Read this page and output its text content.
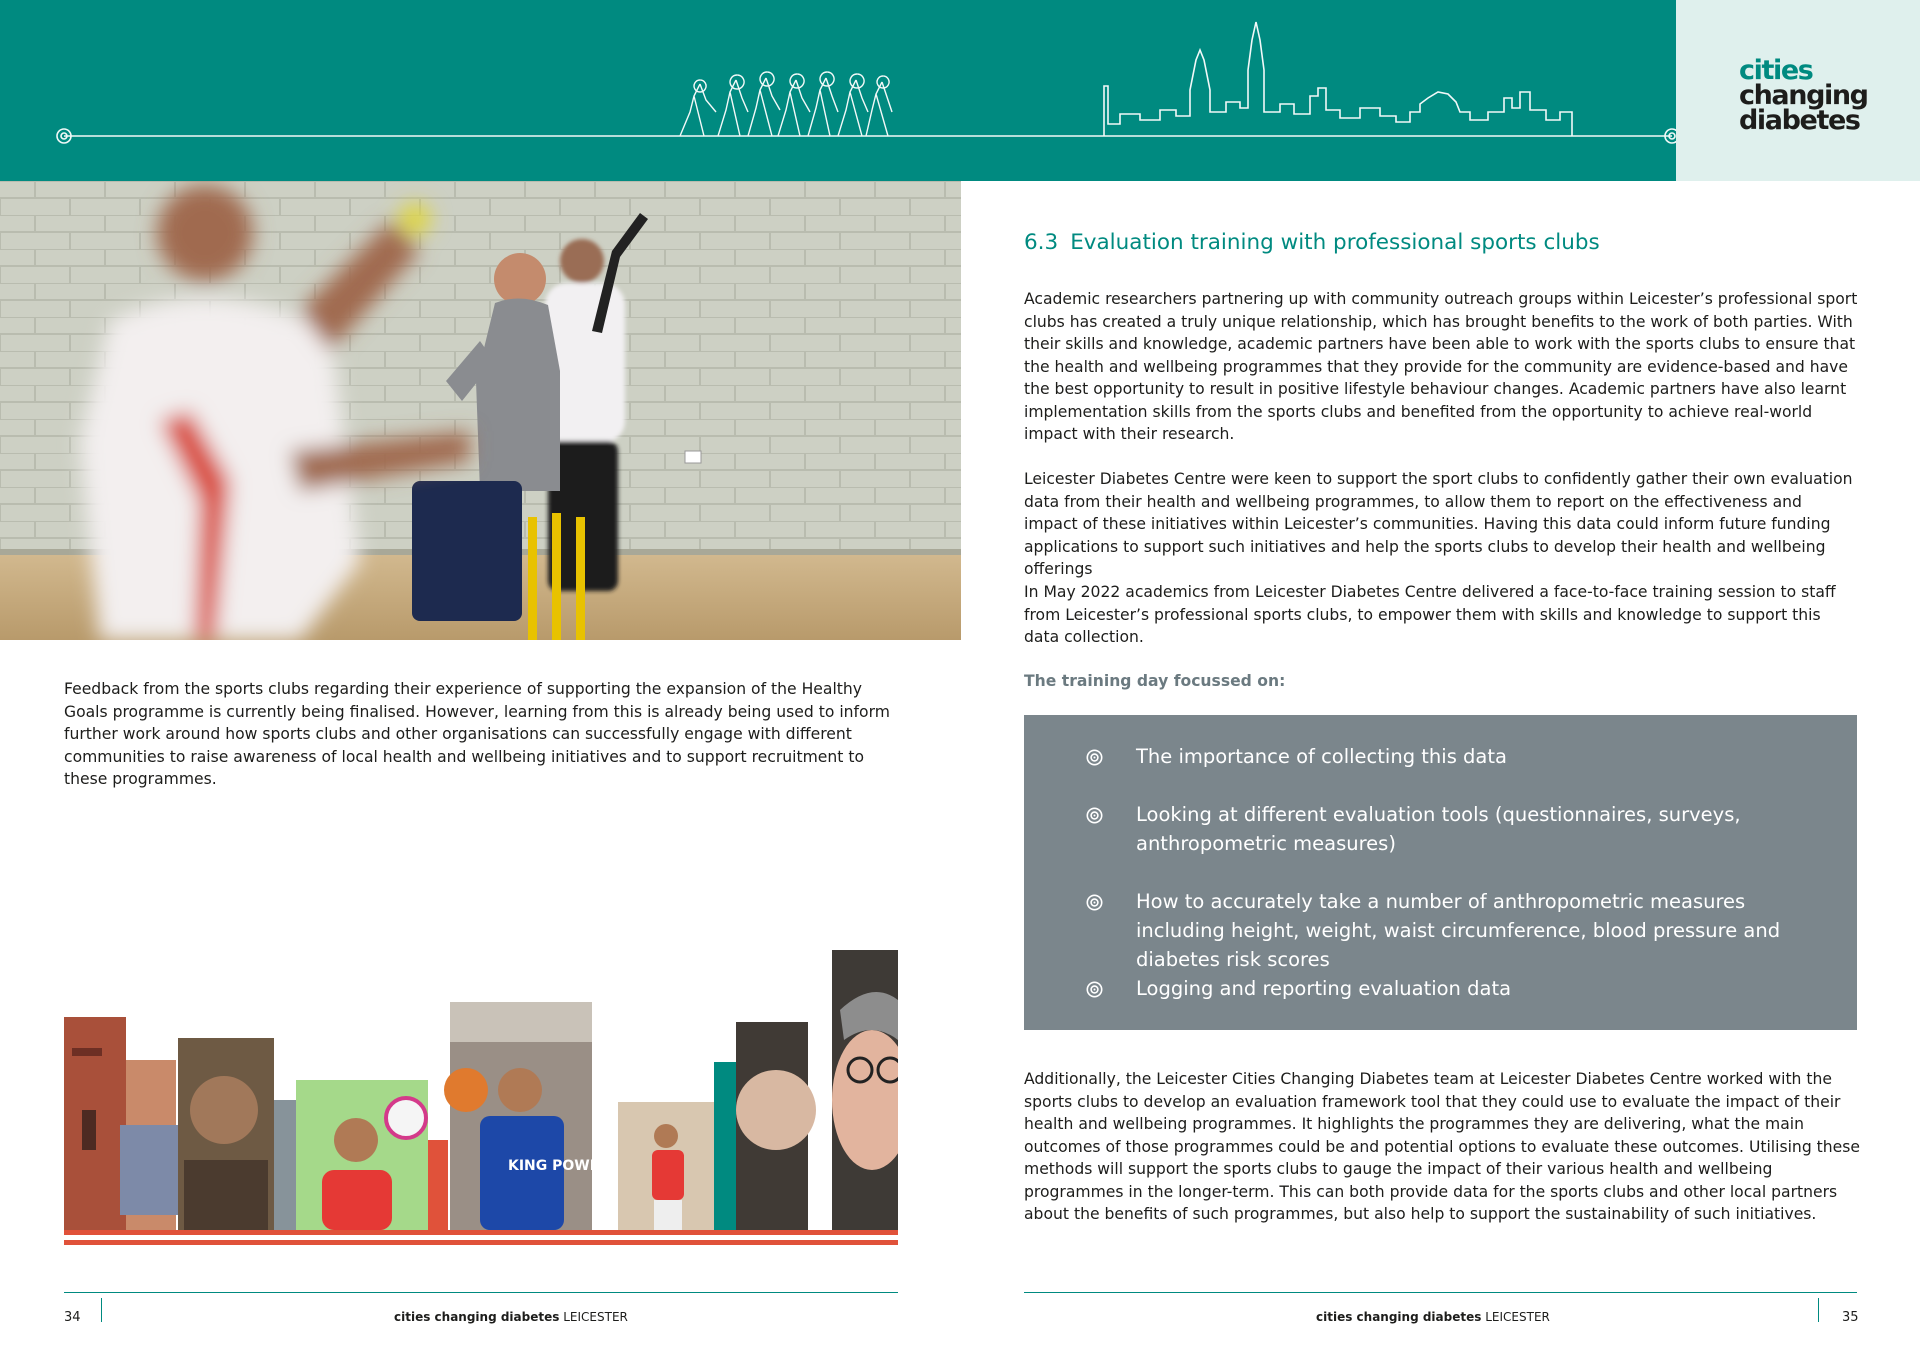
cities
changing
diabetes

Feedback from the sports clubs regarding their experience of supporting the expansion of the Healthy Goals programme is currently being finalised. However, learning from this is already being used to inform further work around how sports clubs and other organisations can successfully engage with different communities to raise awareness of local health and wellbeing initiatives and to support recruitment to these programmes.

KING POWER
6.3 Evaluation training with professional sports clubs

Academic researchers partnering up with community outreach groups within Leicester’s professional sport clubs has created a truly unique relationship, which has brought benefits to the work of both parties. With their skills and knowledge, academic partners have been able to work with the sports clubs to ensure that the health and wellbeing programmes that they provide for the community are evidence-based and have the best opportunity to result in positive lifestyle behaviour changes. Academic partners have also learnt implementation skills from the sports clubs and benefited from the opportunity to achieve real-world impact with their research.

Leicester Diabetes Centre were keen to support the sport clubs to confidently gather their own evaluation data from their health and wellbeing programmes, to allow them to report on the effectiveness and impact of these initiatives within Leicester’s communities. Having this data could inform future funding applications to support such initiatives and help the sports clubs to develop their health and wellbeing offerings

In May 2022 academics from Leicester Diabetes Centre delivered a face-to-face training session to staff from Leicester’s professional sports clubs, to empower them with skills and knowledge to support this data collection.

The training day focussed on:

The importance of collecting this data
Looking at different evaluation tools (questionnaires, surveys, anthropometric measures)
How to accurately take a number of anthropometric measures including height, weight, waist circumference, blood pressure and diabetes risk scores
Logging and reporting evaluation data

Additionally, the Leicester Cities Changing Diabetes team at Leicester Diabetes Centre worked with the sports clubs to develop an evaluation framework tool that they could use to evaluate the impact of their health and wellbeing programmes. It highlights the programmes they are delivering, what the main outcomes of those programmes could be and potential options to evaluate these outcomes. Utilising these methods will support the sports clubs to gauge the impact of their various health and wellbeing programmes in the longer-term. This can both provide data for the sports clubs and other local partners about the benefits of such programmes, but also help to support the sustainability of such initiatives.

34	cities changing diabetes LEICESTER	cities changing diabetes LEICESTER	35
